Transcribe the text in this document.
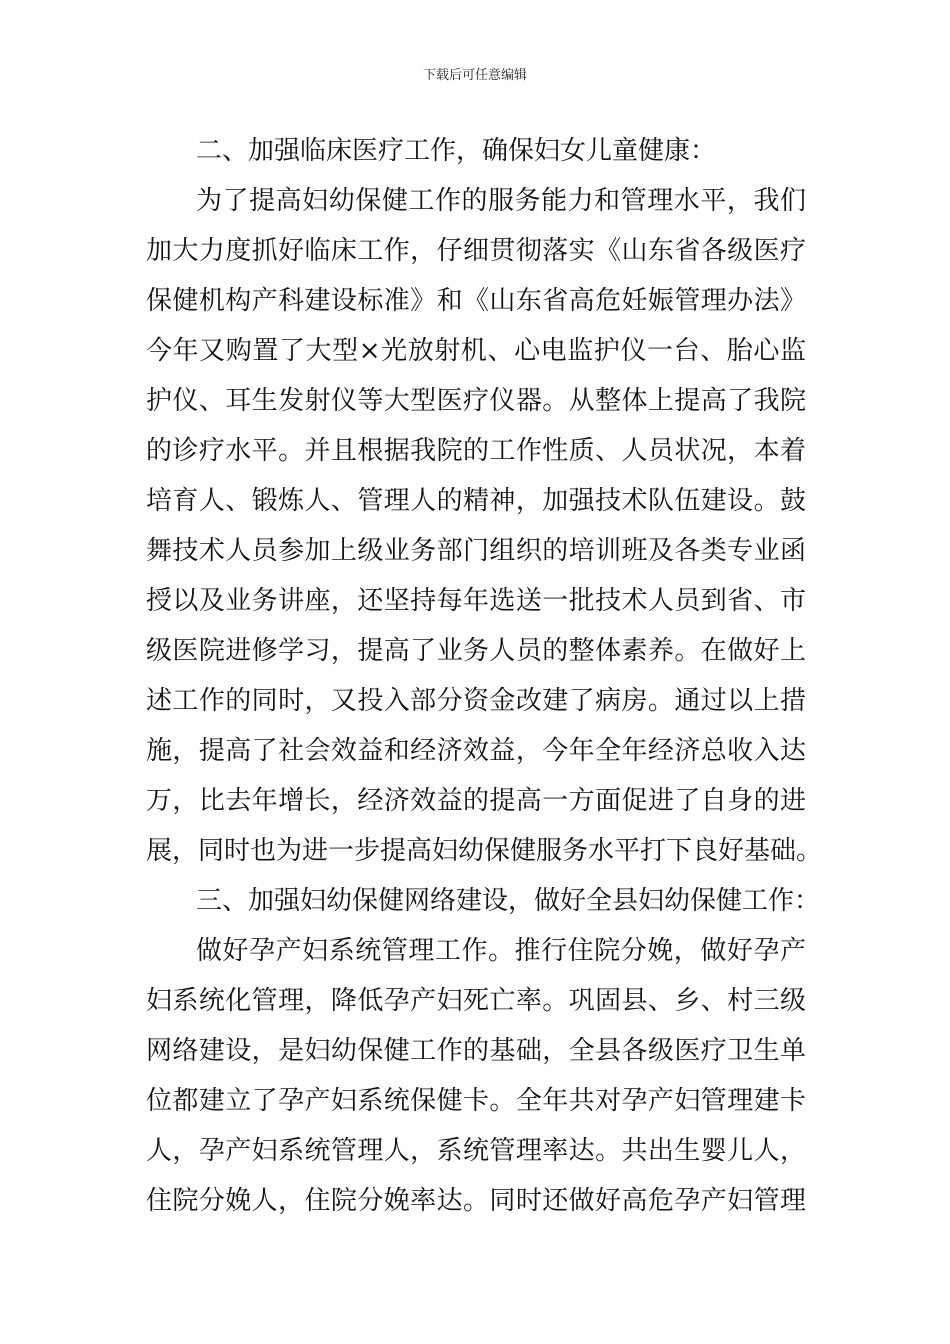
下载后可任意编辑
二、加强临床医疗工作，确保妇女儿童健康：
为了提高妇幼保健工作的服务能力和管理水平，我们
加大力度抓好临床工作，仔细贯彻落实《山东省各级医疗
保健机构产科建设标准》和《山东省高危妊娠管理办法》
今年又购置了大型×光放射机、心电监护仪一台、胎心监
护仪、耳生发射仪等大型医疗仪器。从整体上提高了我院
的诊疗水平。并且根据我院的工作性质、人员状况，本着
培育人、锻炼人、管理人的精神，加强技术队伍建设。鼓
舞技术人员参加上级业务部门组织的培训班及各类专业函
授以及业务讲座，还坚持每年选送一批技术人员到省、市
级医院进修学习，提高了业务人员的整体素养。在做好上
述工作的同时，又投入部分资金改建了病房。通过以上措
施，提高了社会效益和经济效益，今年全年经济总收入达
万，比去年增长，经济效益的提高一方面促进了自身的进
展，同时也为进一步提高妇幼保健服务水平打下良好基础。
三、加强妇幼保健网络建设，做好全县妇幼保健工作：
做好孕产妇系统管理工作。推行住院分娩，做好孕产
妇系统化管理，降低孕产妇死亡率。巩固县、乡、村三级
网络建设，是妇幼保健工作的基础，全县各级医疗卫生单
位都建立了孕产妇系统保健卡。全年共对孕产妇管理建卡
人，孕产妇系统管理人，系统管理率达。共出生婴儿人，
住院分娩人，住院分娩率达。同时还做好高危孕产妇管理
